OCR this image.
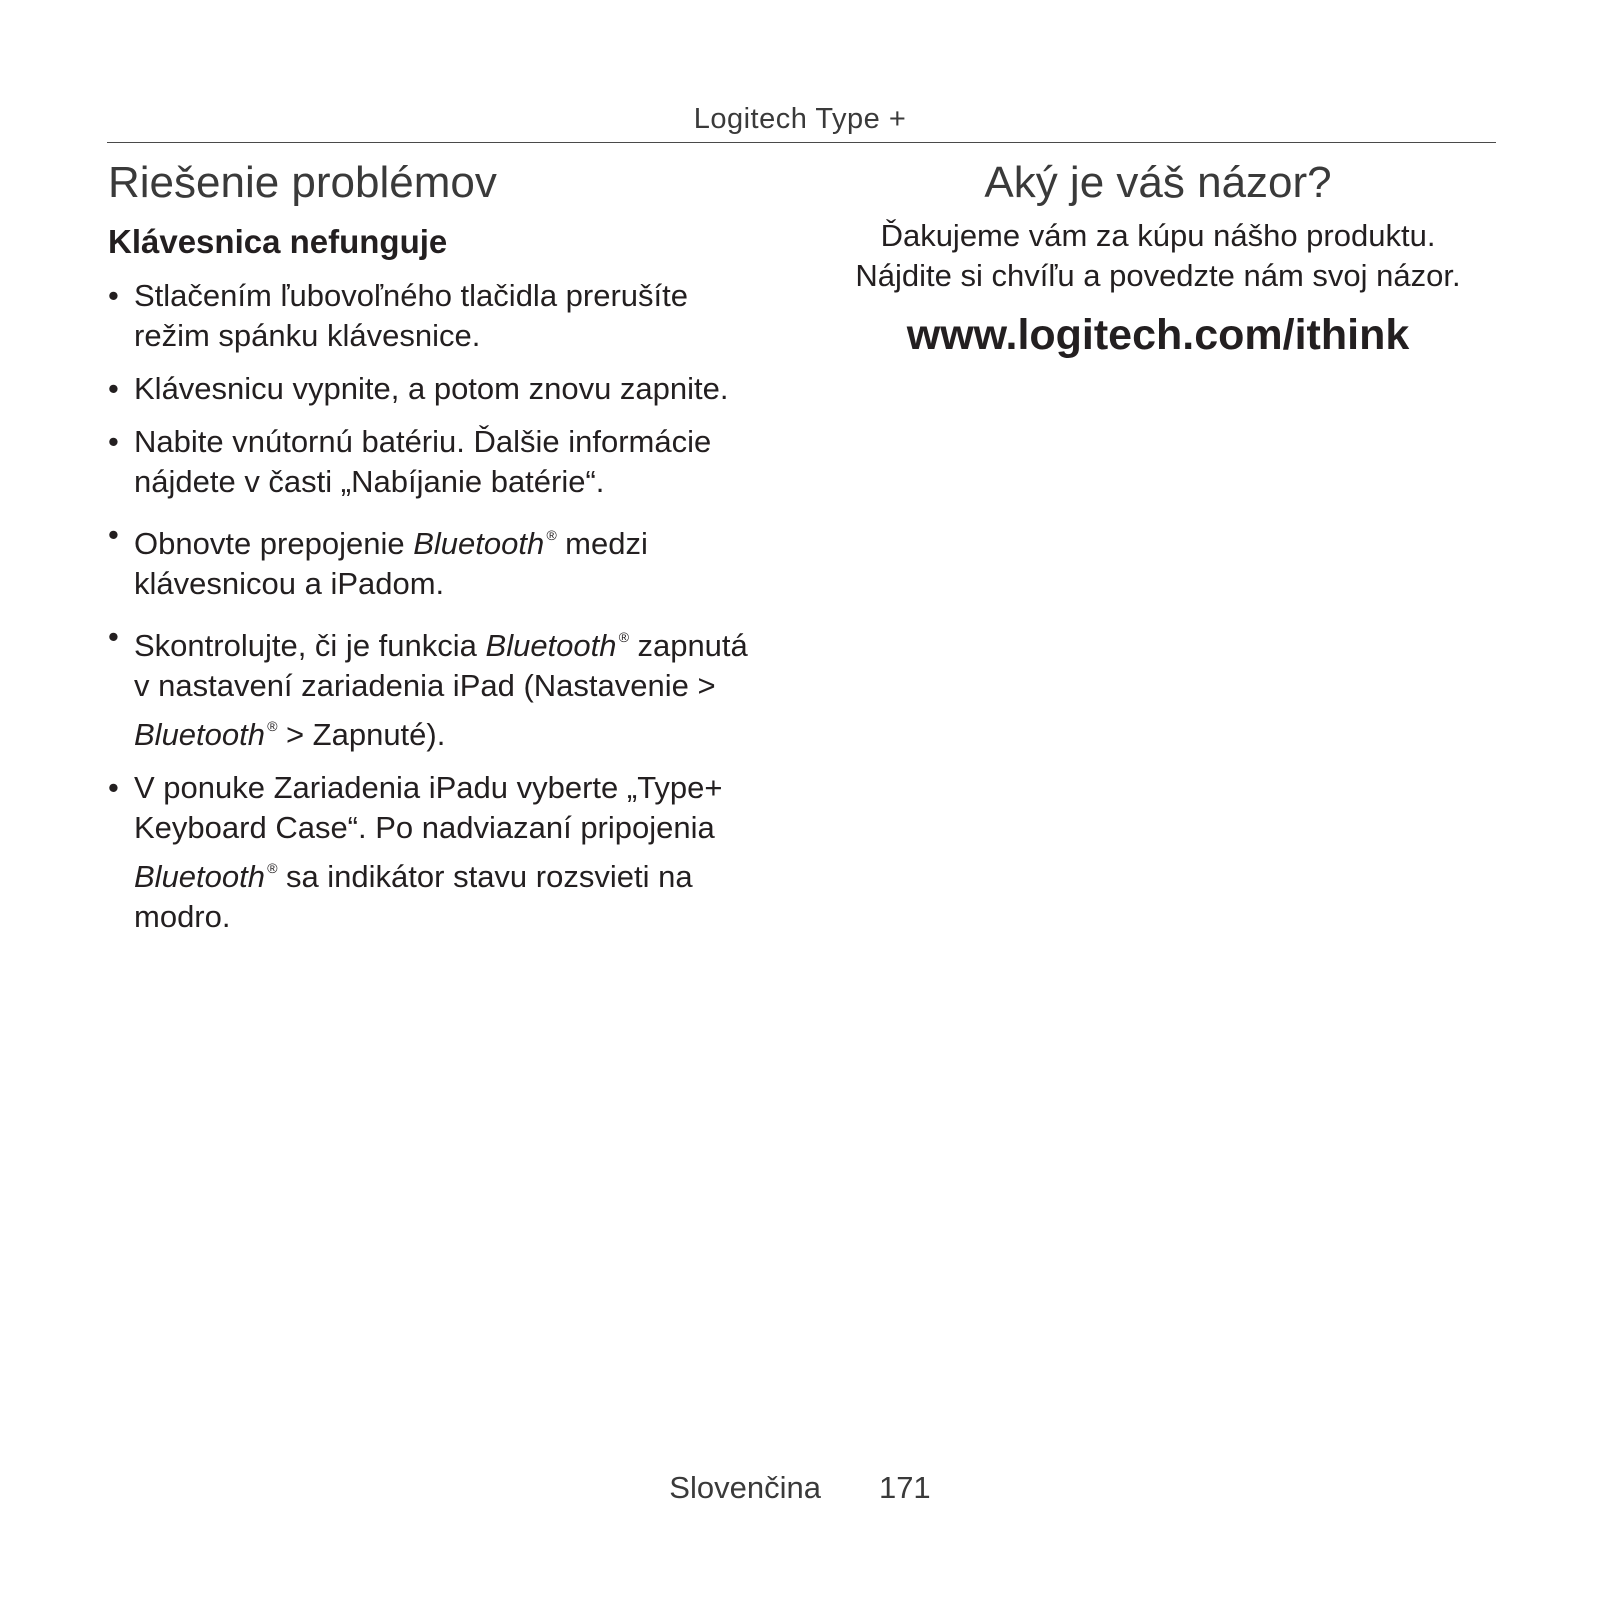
Logitech Type +
Riešenie problémov
Klávesnica nefunguje
• Stlačením ľubovoľného tlačidla prerušíte režim spánku klávesnice.
• Klávesnicu vypnite, a potom znovu zapnite.
• Nabite vnútornú batériu. Ďalšie informácie nájdete v časti „Nabíjanie batérie“.
• Obnovte prepojenie Bluetooth ® medzi klávesnicou a iPadom.
• Skontrolujte, či je funkcia Bluetooth ® zapnutá v nastavení zariadenia iPad (Nastavenie > Bluetooth ® > Zapnuté).
• V ponuke Zariadenia iPadu vyberte „Type+ Keyboard Case“. Po nadviazaní pripojenia Bluetooth ® sa indikátor stavu rozsvieti na modro.
Aký je váš názor?

Ďakujeme vám za kúpu nášho produktu.
Nájdite si chvíľu a povedzte nám svoj názor.

www.logitech.com/ithink
Slovenčina 171
